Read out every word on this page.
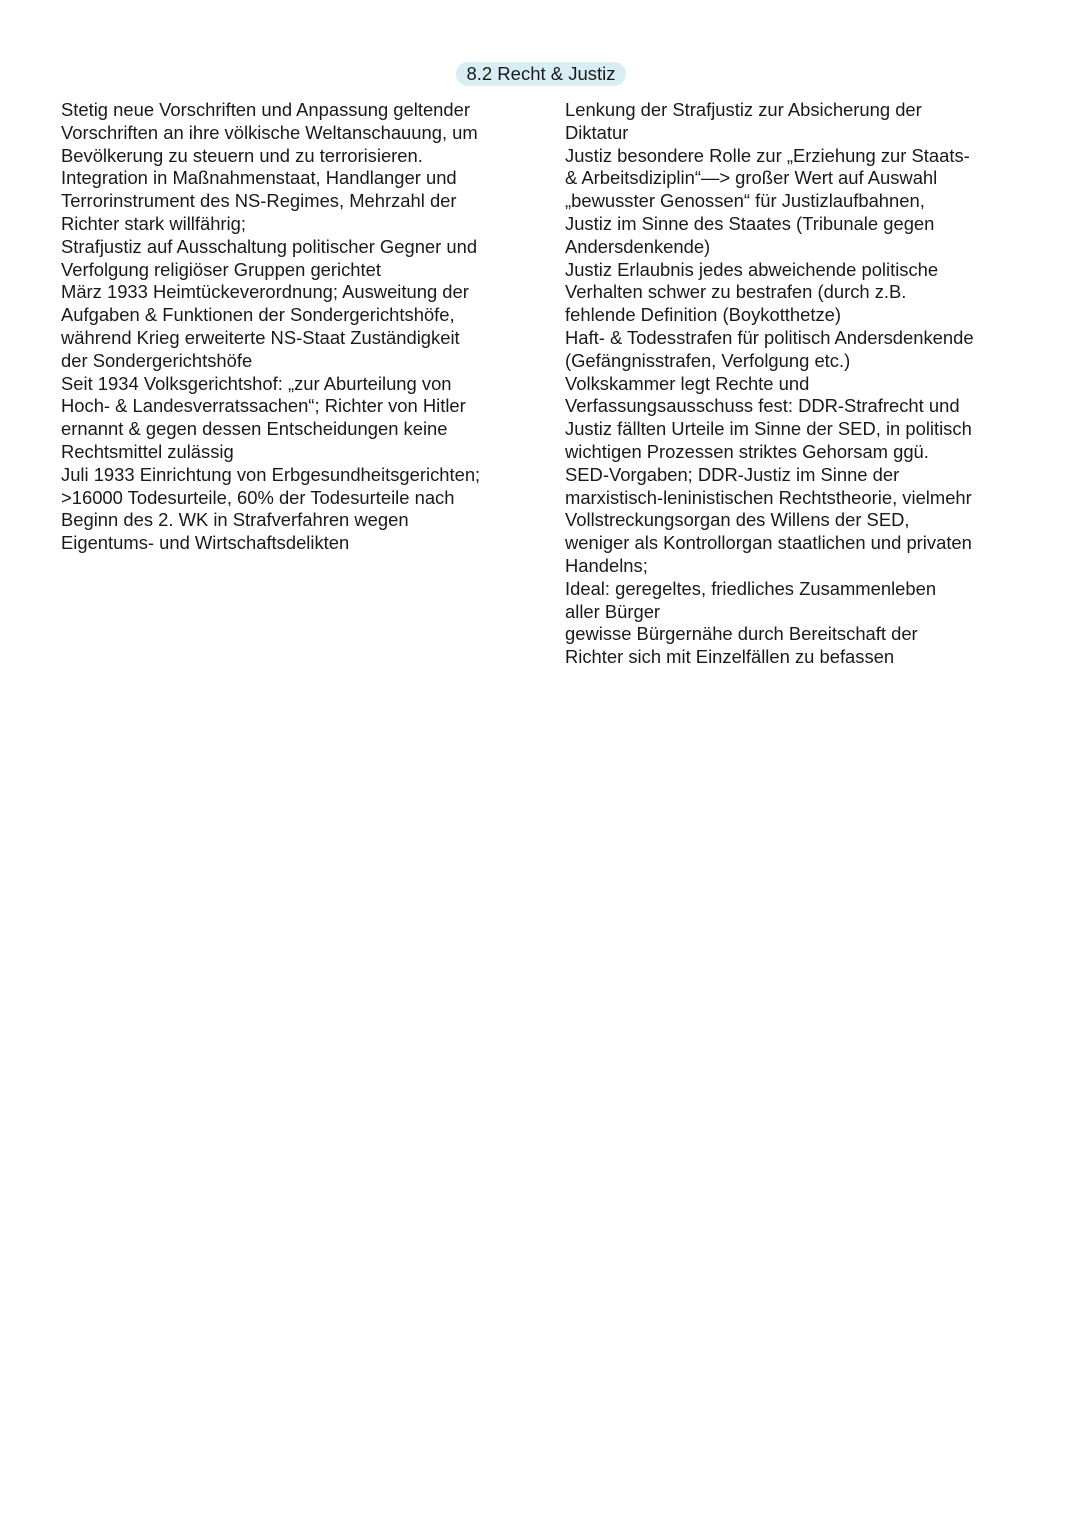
8.2 Recht & Justiz
Stetig neue Vorschriften und Anpassung geltender
Vorschriften an ihre völkische Weltanschauung, um
Bevölkerung zu steuern und zu terrorisieren.
Integration in Maßnahmenstaat, Handlanger und
Terrorinstrument des NS-Regimes, Mehrzahl der
Richter stark willfährig;
Strafjustiz auf Ausschaltung politischer Gegner und
Verfolgung religiöser Gruppen gerichtet
März 1933 Heimtückeverordnung; Ausweitung der
Aufgaben & Funktionen der Sondergerichtshöfe,
während Krieg erweiterte NS-Staat Zuständigkeit
der Sondergerichtshöfe
Seit 1934 Volksgerichtshof: „zur Aburteilung von
Hoch- & Landesverratssachen“; Richter von Hitler
ernannt & gegen dessen Entscheidungen keine
Rechtsmittel zulässig
Juli 1933 Einrichtung von Erbgesundheitsgerichten;
>16000 Todesurteile, 60% der Todesurteile nach
Beginn des 2. WK in Strafverfahren wegen
Eigentums- und Wirtschaftsdelikten
Lenkung der Strafjustiz zur Absicherung der
Diktatur
Justiz besondere Rolle zur „Erziehung zur Staats-
& Arbeitsdiziplin“—> großer Wert auf Auswahl
„bewusster Genossen“ für Justizlaufbahnen,
Justiz im Sinne des Staates (Tribunale gegen
Andersdenkende)
Justiz Erlaubnis jedes abweichende politische
Verhalten schwer zu bestrafen (durch z.B.
fehlende Definition (Boykotthetze)
Haft- & Todesstrafen für politisch Andersdenkende
(Gefängnisstrafen, Verfolgung etc.)
Volkskammer legt Rechte und
Verfassungsausschuss fest: DDR-Strafrecht und
Justiz fällten Urteile im Sinne der SED, in politisch
wichtigen Prozessen striktes Gehorsam ggü.
SED-Vorgaben; DDR-Justiz im Sinne der
marxistisch-leninistischen Rechtstheorie, vielmehr
Vollstreckungsorgan des Willens der SED,
weniger als Kontrollorgan staatlichen und privaten
Handelns;
Ideal: geregeltes, friedliches Zusammenleben
aller Bürger
gewisse Bürgernähe durch Bereitschaft der
Richter sich mit Einzelfällen zu befassen
